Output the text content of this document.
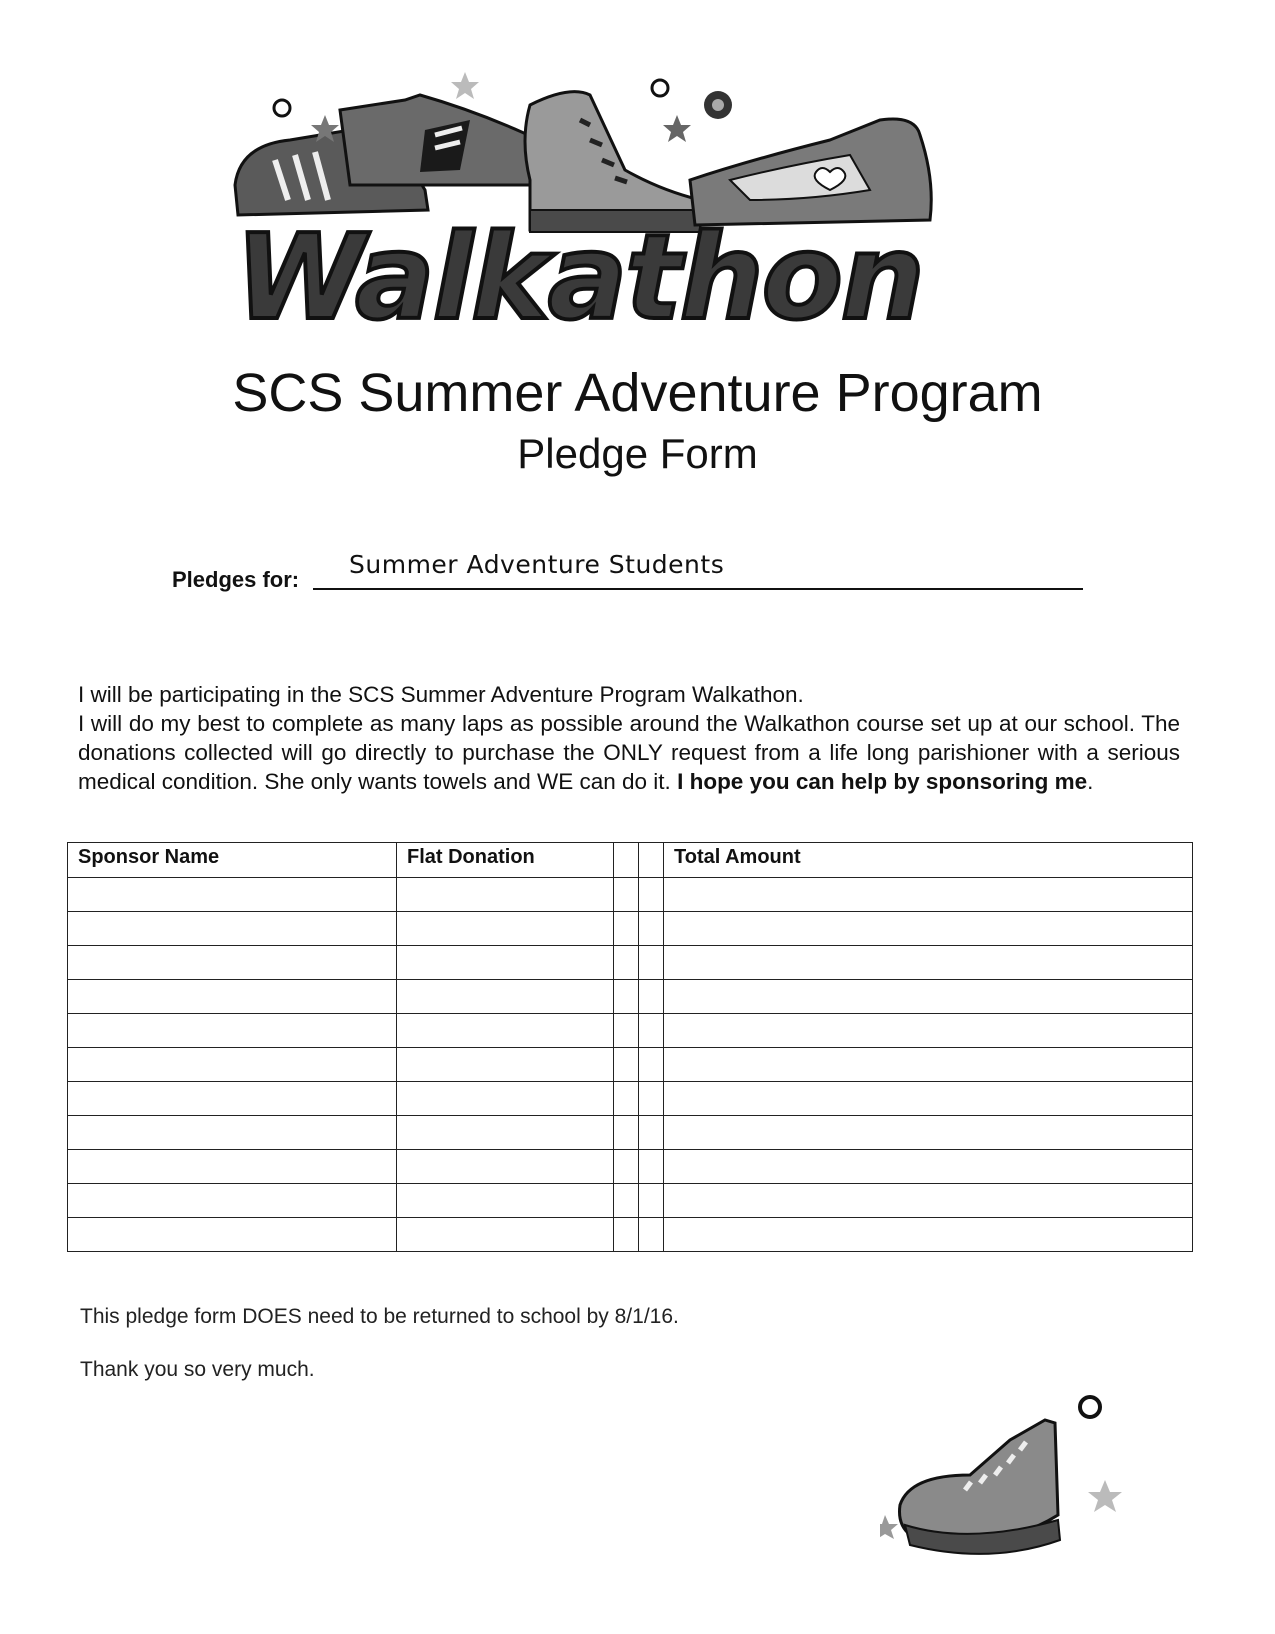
Walkathon
SCS Summer Adventure Program
Pledge Form
Pledges for:
Summer Adventure Students

I will be participating in the SCS Summer Adventure Program Walkathon.

I will do my best to complete as many laps as possible around the Walkathon course set up at our school. The donations collected will go directly to purchase the ONLY request from a life long parishioner with a serious medical condition. She only wants towels and WE can do it. I hope you can help by sponsoring me.

Sponsor Name	Flat Donation			Total Amount

This pledge form DOES need to be returned to school by 8/1/16.
Thank you so very much.
